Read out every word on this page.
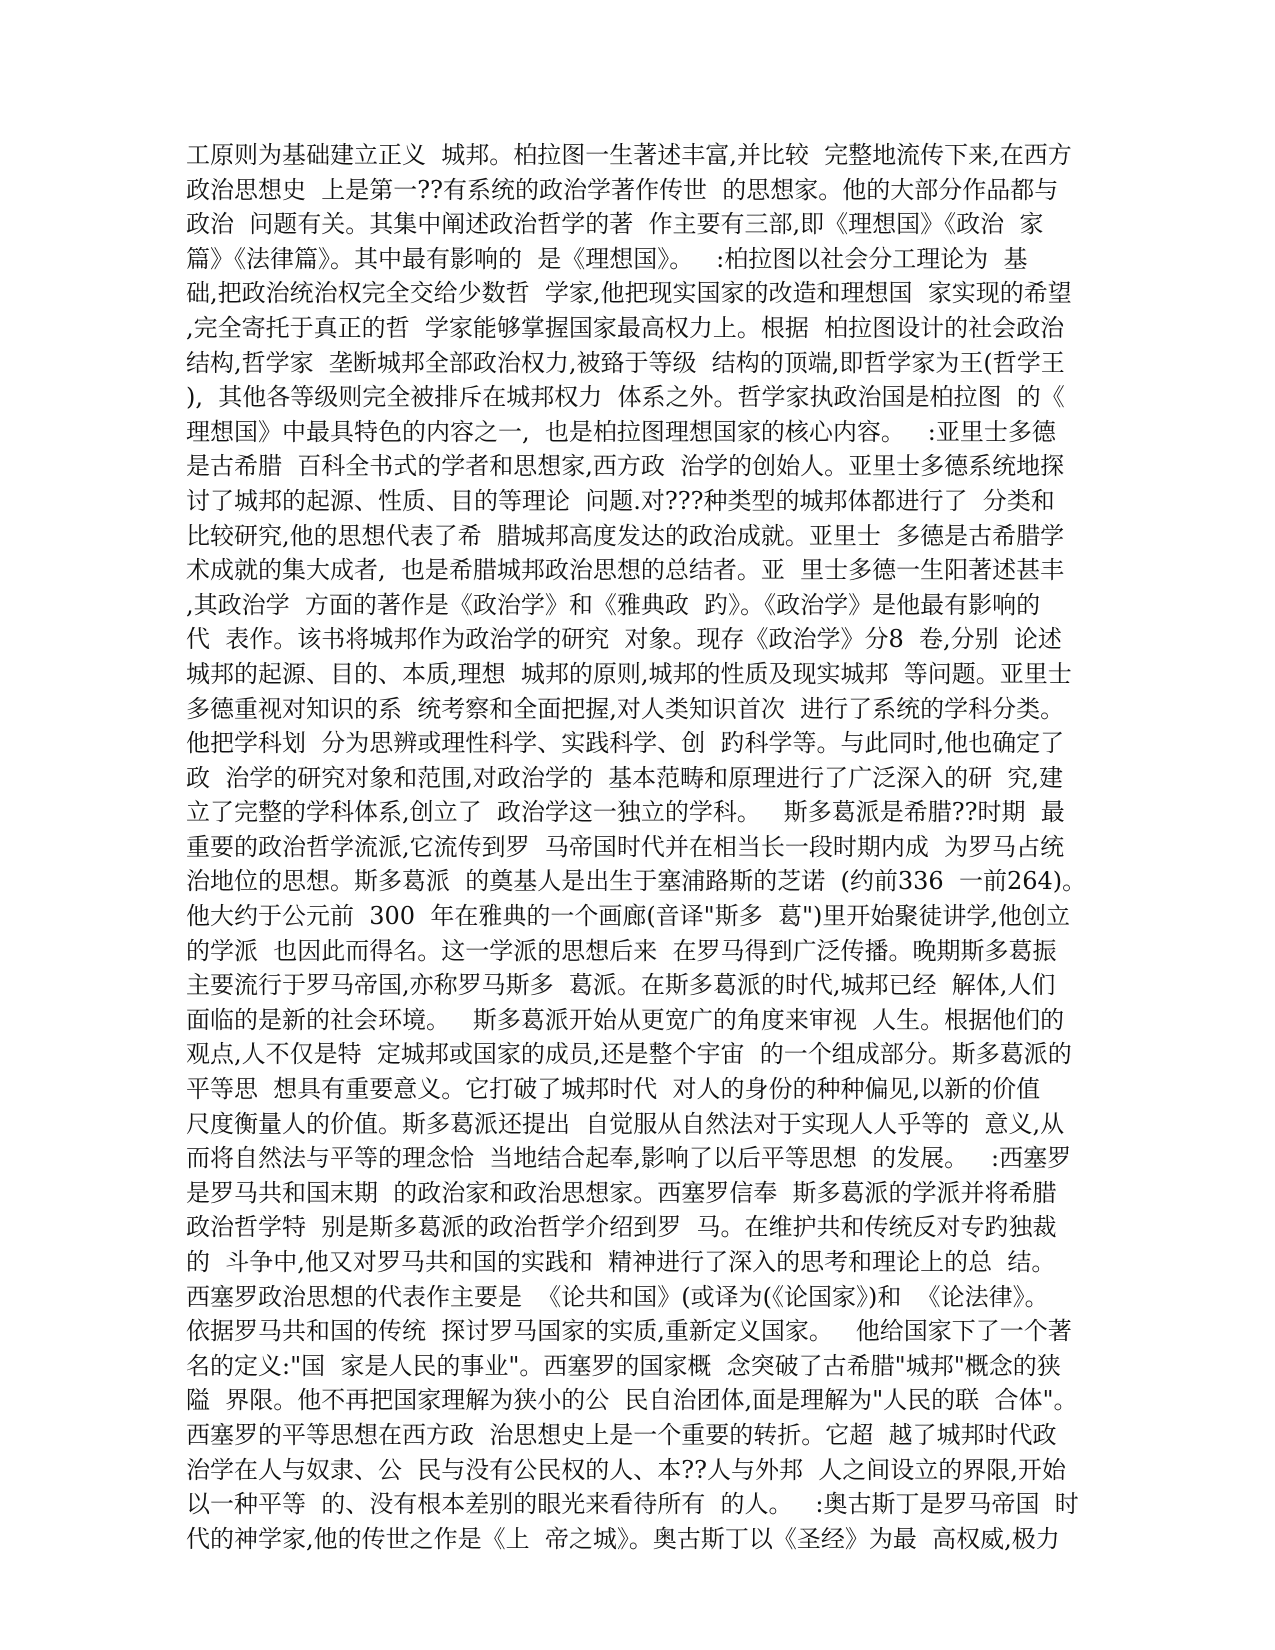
工原则为基础建立正义  城邦。柏拉图一生著述丰富,并比较  完整地流传下来,在西方
政治思想史  上是第一??有系统的政治学著作传世  的思想家。他的大部分作品都与
政治  问题有关。其集中阐述政治哲学的著  作主要有三部,即《理想国》《政治  家
篇》《法律篇》。其中最有影响的  是《理想国》。   :柏拉图以社会分工理论为  基
础,把政治统治权完全交给少数哲  学家,他把现实国家的改造和理想国  家实现的希望
,完全寄托于真正的哲  学家能够掌握国家最高权力上。根据  柏拉图设计的社会政治
结构,哲学家  垄断城邦全部政治权力,被臵于等级  结构的顶端,即哲学家为王(哲学王
),  其他各等级则完全被排斥在城邦权力  体系之外。哲学家执政治国是柏拉图  的《
理想国》中最具特色的内容之一,  也是柏拉图理想国家的核心内容。   :亚里士多德
是古希腊  百科全书式的学者和思想家,西方政  治学的创始人。亚里士多德系统地探
讨了城邦的起源、性质、目的等理论  问题.对???种类型的城邦体都进行了  分类和
比较研究,他的思想代表了希  腊城邦高度发达的政治成就。亚里士  多德是古希腊学
术成就的集大成者,  也是希腊城邦政治思想的总结者。亚  里士多德一生阳著述甚丰
,其政治学  方面的著作是《政治学》和《雅典政  趵》。《政治学》是他最有影响的
代  表作。该书将城邦作为政治学的研究  对象。现存《政治学》分8  卷,分别  论述
城邦的起源、目的、本质,理想  城邦的原则,城邦的性质及现实城邦  等问题。亚里士
多德重视对知识的系  统考察和全面把握,对人类知识首次  进行了系统的学科分类。
他把学科划  分为思辨或理性科学、实践科学、创  趵科学等。与此同时,他也确定了
政  治学的研究对象和范围,对政治学的  基本范畴和原理进行了广泛深入的研  究,建
立了完整的学科体系,创立了  政治学这一独立的学科。   斯多葛派是希腊??时期  最
重要的政治哲学流派,它流传到罗  马帝国时代并在相当长一段时期内成  为罗马占统
治地位的思想。斯多葛派  的奠基人是出生于塞浦路斯的芝诺  (约前336  一前264)。
他大约于公元前  300  年在雅典的一个画廊(音译"斯多  葛")里开始聚徒讲学,他创立
的学派  也因此而得名。这一学派的思想后来  在罗马得到广泛传播。晚期斯多葛振
主要流行于罗马帝国,亦称罗马斯多  葛派。在斯多葛派的时代,城邦已经  解体,人们
面临的是新的社会环境。   斯多葛派开始从更宽广的角度来审视  人生。根据他们的
观点,人不仅是特  定城邦或国家的成员,还是整个宇宙  的一个组成部分。斯多葛派的
平等思  想具有重要意义。它打破了城邦时代  对人的身份的种种偏见,以新的价值
尺度衡量人的价值。斯多葛派还提出  自觉服从自然法对于实现人人乎等的  意义,从
而将自然法与平等的理念恰  当地结合起奉,影响了以后平等思想  的发展。   :西塞罗
是罗马共和国末期  的政治家和政治思想家。西塞罗信奉  斯多葛派的学派并将希腊
政治哲学特  别是斯多葛派的政治哲学介绍到罗  马。在维护共和传统反对专趵独裁
的  斗争中,他又对罗马共和国的实践和  精神进行了深入的思考和理论上的总  结。
西塞罗政治思想的代表作主要是  《论共和国》(或译为(《论国家》)和  《论法律》。
依据罗马共和国的传统  探讨罗马国家的实质,重新定义国家。   他给国家下了一个著
名的定义:"国  家是人民的事业"。西塞罗的国家概  念突破了古希腊"城邦"概念的狭
隘  界限。他不再把国家理解为狭小的公  民自治团体,面是理解为"人民的联  合体"。
西塞罗的平等思想在西方政  治思想史上是一个重要的转折。它超  越了城邦时代政
治学在人与奴隶、公  民与没有公民权的人、本??人与外邦  人之间设立的界限,开始
以一种平等  的、没有根本差别的眼光来看待所有  的人。   :奥古斯丁是罗马帝国  时
代的神学家,他的传世之作是《上  帝之城》。奥古斯丁以《圣经》为最  高权威,极力
